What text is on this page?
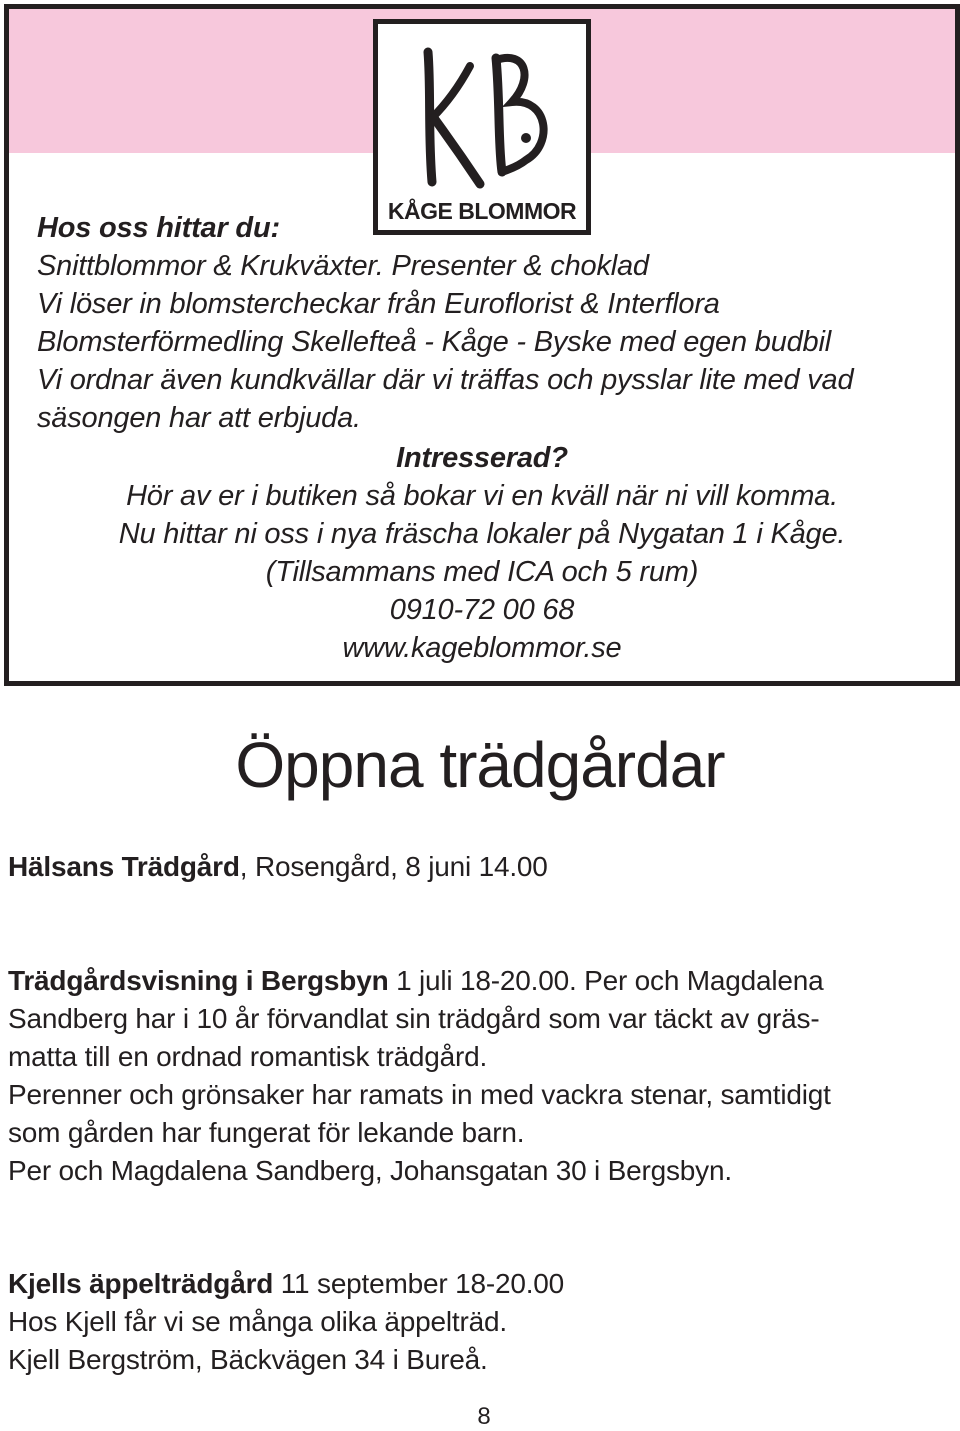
KÅGE BLOMMOR
Hos oss hittar du:
Snittblommor & Krukväxter. Presenter & choklad
Vi löser in blomstercheckar från Euroflorist & Interflora
Blomsterförmedling Skellefteå - Kåge - Byske med egen budbil
Vi ordnar även kundkvällar där vi träffas och pysslar lite med vad
säsongen har att erbjuda.
Intresserad?
Hör av er i butiken så bokar vi en kväll när ni vill komma.
Nu hittar ni oss i nya fräscha lokaler på Nygatan 1 i Kåge.
(Tillsammans med ICA och 5 rum)
0910-72 00 68
www.kageblommor.se
Öppna trädgårdar
Hälsans Trädgård, Rosengård, 8 juni 14.00
Trädgårdsvisning i Bergsbyn 1 juli 18-20.00. Per och Magdalena
Sandberg har i 10 år förvandlat sin trädgård som var täckt av gräs-
matta till en ordnad romantisk trädgård.
Perenner och grönsaker har ramats in med vackra stenar, samtidigt
som gården har fungerat för lekande barn.
Per och Magdalena Sandberg, Johansgatan 30 i Bergsbyn.
Kjells äppelträdgård 11 september 18-20.00
Hos Kjell får vi se många olika äppelträd.
Kjell Bergström, Bäckvägen 34 i Bureå.
8
